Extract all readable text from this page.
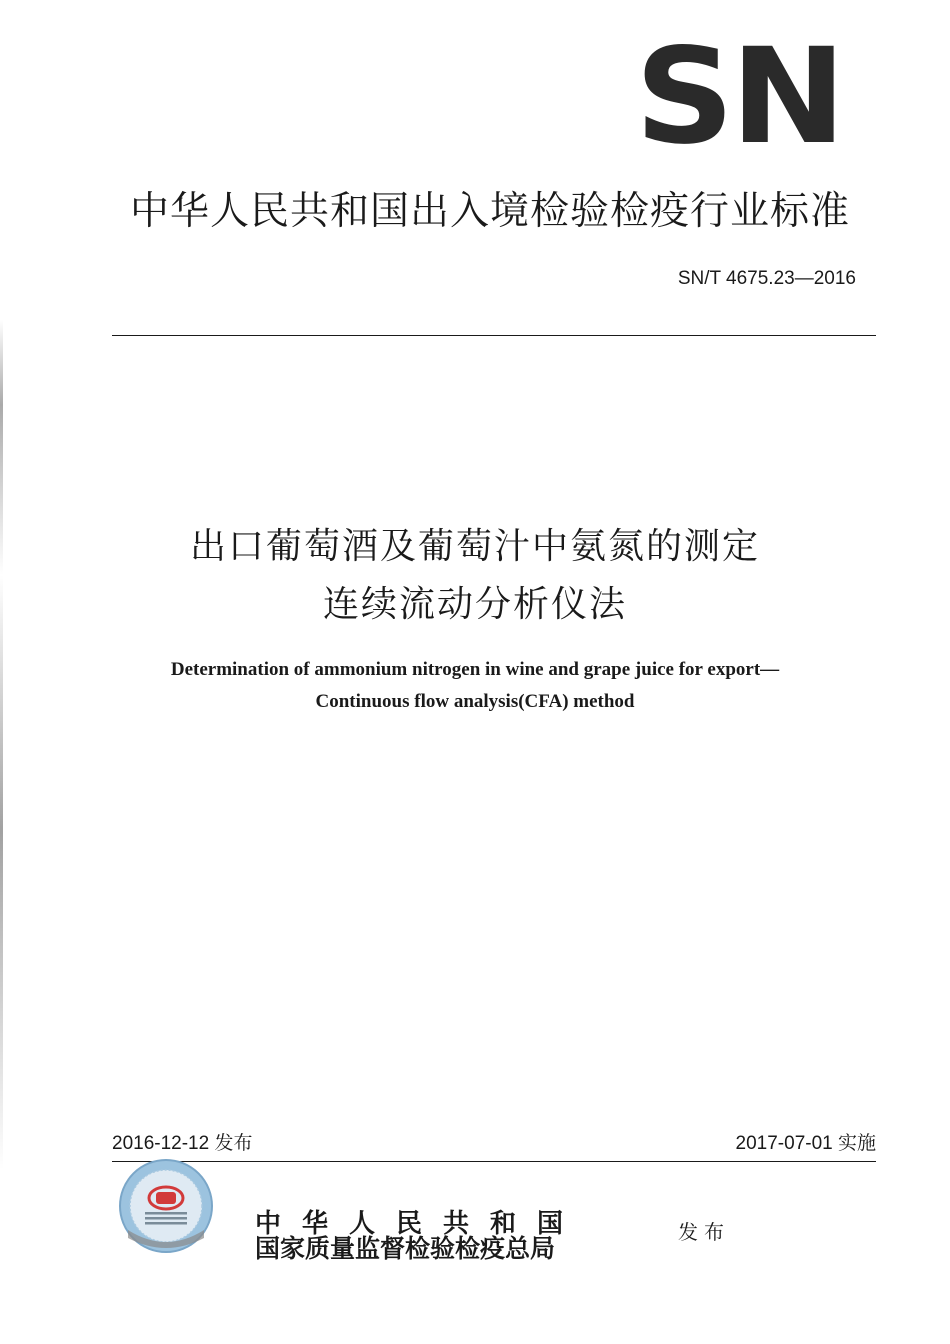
SN
中华人民共和国出入境检验检疫行业标准
SN/T 4675.23—2016
出口葡萄酒及葡萄汁中氨氮的测定
连续流动分析仪法
Determination of ammonium nitrogen in wine and grape juice for export—
Continuous flow analysis(CFA) method
2016-12-12 发布	2017-07-01 实施
中华人民共和国
国家质量监督检验检疫总局
发布
